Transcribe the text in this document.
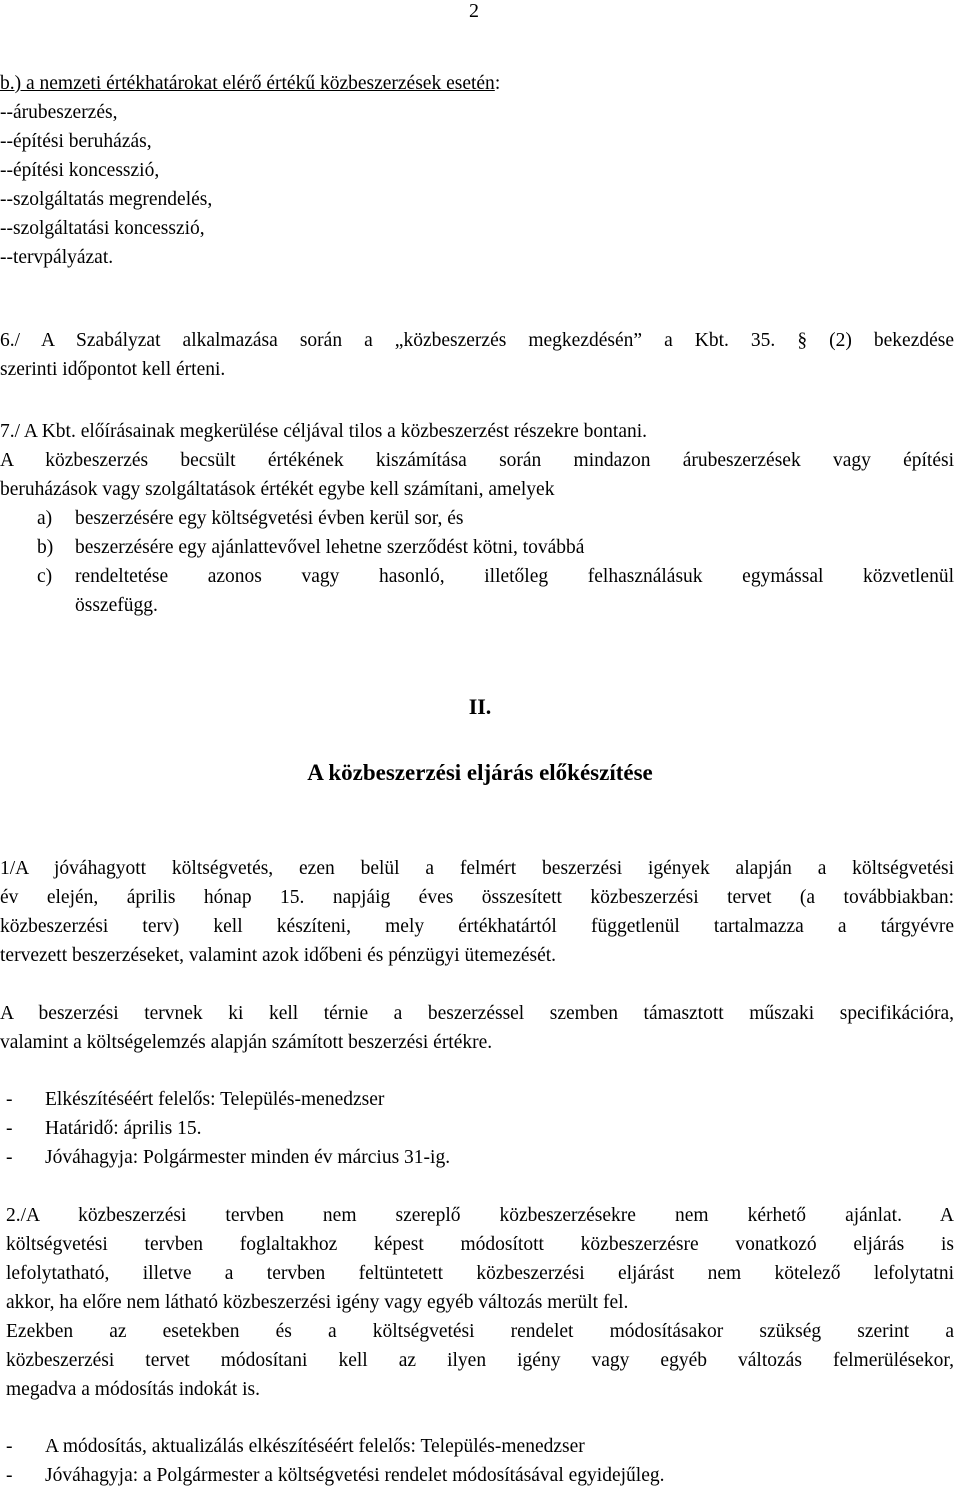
2
b.) a nemzeti értékhatárokat elérő értékű közbeszerzések esetén:
--árubeszerzés,
--építési beruházás,
--építési koncesszió,
--szolgáltatás megrendelés,
--szolgáltatási koncesszió,
--tervpályázat.
6./ A Szabályzat alkalmazása során a „közbeszerzés megkezdésén” a Kbt. 35. § (2) bekezdése
szerinti időpontot kell érteni.
7./ A Kbt. előírásainak megkerülése céljával tilos a közbeszerzést részekre bontani.
A közbeszerzés becsült értékének kiszámítása során mindazon árubeszerzések vagy építési
beruházások vagy szolgáltatások értékét egybe kell számítani, amelyek
a) beszerzésére egy költségvetési évben kerül sor, és
b) beszerzésére egy ajánlattevővel lehetne szerződést kötni, továbbá
c) rendeltetése azonos vagy hasonló, illetőleg felhasználásuk egymással közvetlenül
összefügg.
II.
A közbeszerzési eljárás előkészítése
1/A jóváhagyott költségvetés, ezen belül a felmért beszerzési igények alapján a költségvetési
év elején, április hónap 15. napjáig éves összesített közbeszerzési tervet (a továbbiakban:
közbeszerzési terv) kell készíteni, mely értékhatártól függetlenül tartalmazza a tárgyévre
tervezett beszerzéseket, valamint azok időbeni és pénzügyi ütemezését.
A beszerzési tervnek ki kell térnie a beszerzéssel szemben támasztott műszaki specifikációra,
valamint a költségelemzés alapján számított beszerzési értékre.
- Elkészítéséért felelős: Település-menedzser
- Határidő: április 15.
- Jóváhagyja: Polgármester minden év március 31-ig.
2./A közbeszerzési tervben nem szereplő közbeszerzésekre nem kérhető ajánlat. A
költségvetési tervben foglaltakhoz képest módosított közbeszerzésre vonatkozó eljárás is
lefolytatható, illetve a tervben feltüntetett közbeszerzési eljárást nem kötelező lefolytatni
akkor, ha előre nem látható közbeszerzési igény vagy egyéb változás merült fel.
Ezekben az esetekben és a költségvetési rendelet módosításakor szükség szerint a
közbeszerzési tervet módosítani kell az ilyen igény vagy egyéb változás felmerülésekor,
megadva a módosítás indokát is.
- A módosítás, aktualizálás elkészítéséért felelős: Település-menedzser
- Jóváhagyja: a Polgármester a költségvetési rendelet módosításával egyidejűleg.
